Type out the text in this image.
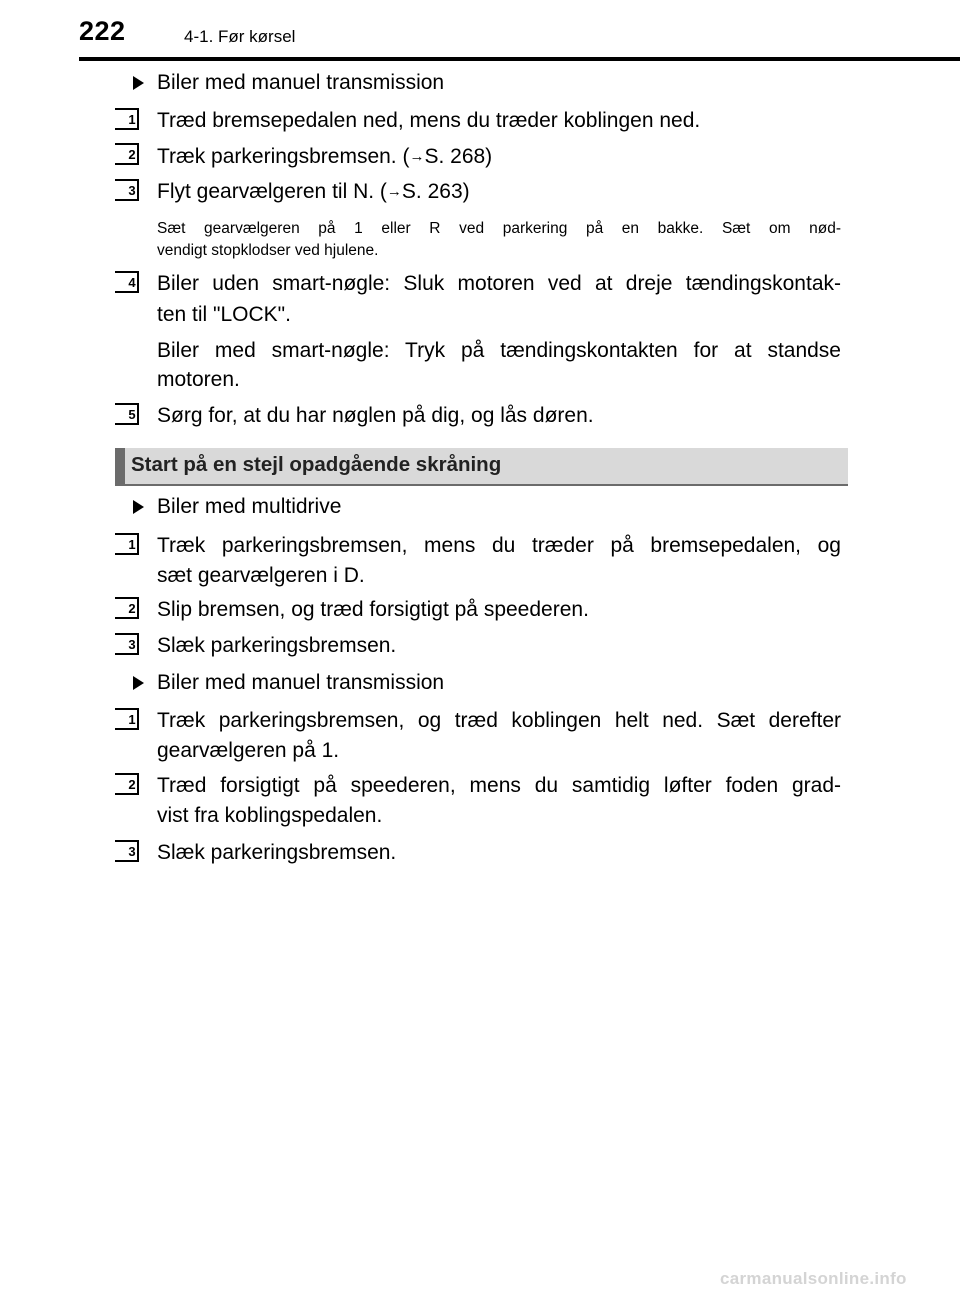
222	4-1. Før kørsel
Biler med manuel transmission
1 Træd bremsepedalen ned, mens du træder koblingen ned.
2 Træk parkeringsbremsen. (→S. 268)
3 Flyt gearvælgeren til N. (→S. 263)
Sæt gearvælgeren på 1 eller R ved parkering på en bakke. Sæt om nød-
vendigt stopklodser ved hjulene.
4 Biler uden smart-nøgle: Sluk motoren ved at dreje tændingskontak-
ten til "LOCK".
Biler med smart-nøgle: Tryk på tændingskontakten for at standse
motoren.
5 Sørg for, at du har nøglen på dig, og lås døren.
Start på en stejl opadgående skråning
Biler med multidrive
1 Træk parkeringsbremsen, mens du træder på bremsepedalen, og
sæt gearvælgeren i D.
2 Slip bremsen, og træd forsigtigt på speederen.
3 Slæk parkeringsbremsen.
Biler med manuel transmission
1 Træk parkeringsbremsen, og træd koblingen helt ned. Sæt derefter
gearvælgeren på 1.
2 Træd forsigtigt på speederen, mens du samtidig løfter foden grad-
vist fra koblingspedalen.
3 Slæk parkeringsbremsen.
carmanualsonline.info
